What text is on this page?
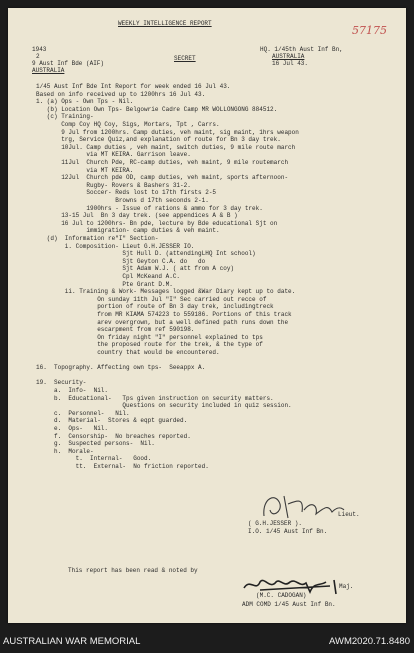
WEEKLY INTELLIGENCE REPORT
57175
1943
2
9 Aust Inf Bde (AIF)
AUSTRALIA
SECRET
HQ. 1/45th Aust Inf Bn,
AUSTRALIA
16 Jul 43.
1/45 Aust Inf Bde Int Report for week ended 16 Jul 43.
Based on info received up to 1200hrs 16 Jul 43.
1. (a) Ops - Own Tps - Nil.
(b) Location Own Tps- Belgowrie Cadre Camp MR WOLLONGONG 884512.
(c) Training-
Comp Coy HQ Coy, Sigs, Mortars, Tpt , Carrs.
9 Jul from 1200hrs. Camp duties, veh maint, sig maint, 1hrs weapon
trg, Service Quiz,and explanation of route for Bn 3 day trek.
10Jul. Camp duties , veh maint, switch duties, 9 mile route march
via MT KEIRA. Garrison leave.
11Jul  Church Pde, RC-camp duties, veh maint, 9 mile routemarch
via MT KEIRA.
12Jul  Church pde OD, camp duties, veh maint, sports afternoon-
Rugby- Rovers & Bashers 31-2.
Soccer- Reds lost to 17th firsts 2-5
Browns d 17th seconds 2-1.
1900hrs - Issue of rations & ammo for 3 day trek.
13-15 Jul  Bn 3 day trek. (see appendices A & B )
16 Jul to 1200hrs- Bn pde, lecture by Bde educational Sjt on
immigration- camp duties & veh maint.
(d)  Information re"I" Section-
i. Composition- Lieut G.H.JESSER IO.
Sjt Hull D. (attendingLHQ Int school)
Sjt Geyton C.A. do   do
Sjt Adam W.J. ( att from A coy)
Cpl McKeand A.C.
Pte Grant D.M.
ii. Training & Work- Messages logged &War Diary kept up to date.
On sunday 11th Jul "I" Sec carried out recce of
portion of route of Bn 3 day trek, includingtreck
from MR KIAMA 574223 to 559186. Portions of this track
arev overgrown, but a well defined path runs down the
escarpment from ref 590198.
On friday night "I" personnel explained to tps
the proposed route for the trek, & the type of
country that would be encountered.
16.  Topography. Affecting own tps-  Seeappx A.
19.  Security-
a.  Info-  Nil.
b.  Educational-   Tps given instruction on security matters.
Questions on security included in quiz session.
c.  Personnel-   Nil.
d.  Material-  Stores & eqpt guarded.
e.  Ops-   Nil.
f.  Censorship-  No breaches reported.
g.  Suspected persons-  Nil.
h.  Morale-
t.  Internal-   Good.
tt.  External-  No friction reported.
Lieut.
( G.H.JESSER ).
I.O. 1/45 Aust Inf Bn.
This report has been read & noted by
Maj.
(M.C. CADOGAN)
ADM COMD 1/45 Aust Inf Bn.
AUSTRALIAN WAR MEMORIAL	AWM2020.71.8480
